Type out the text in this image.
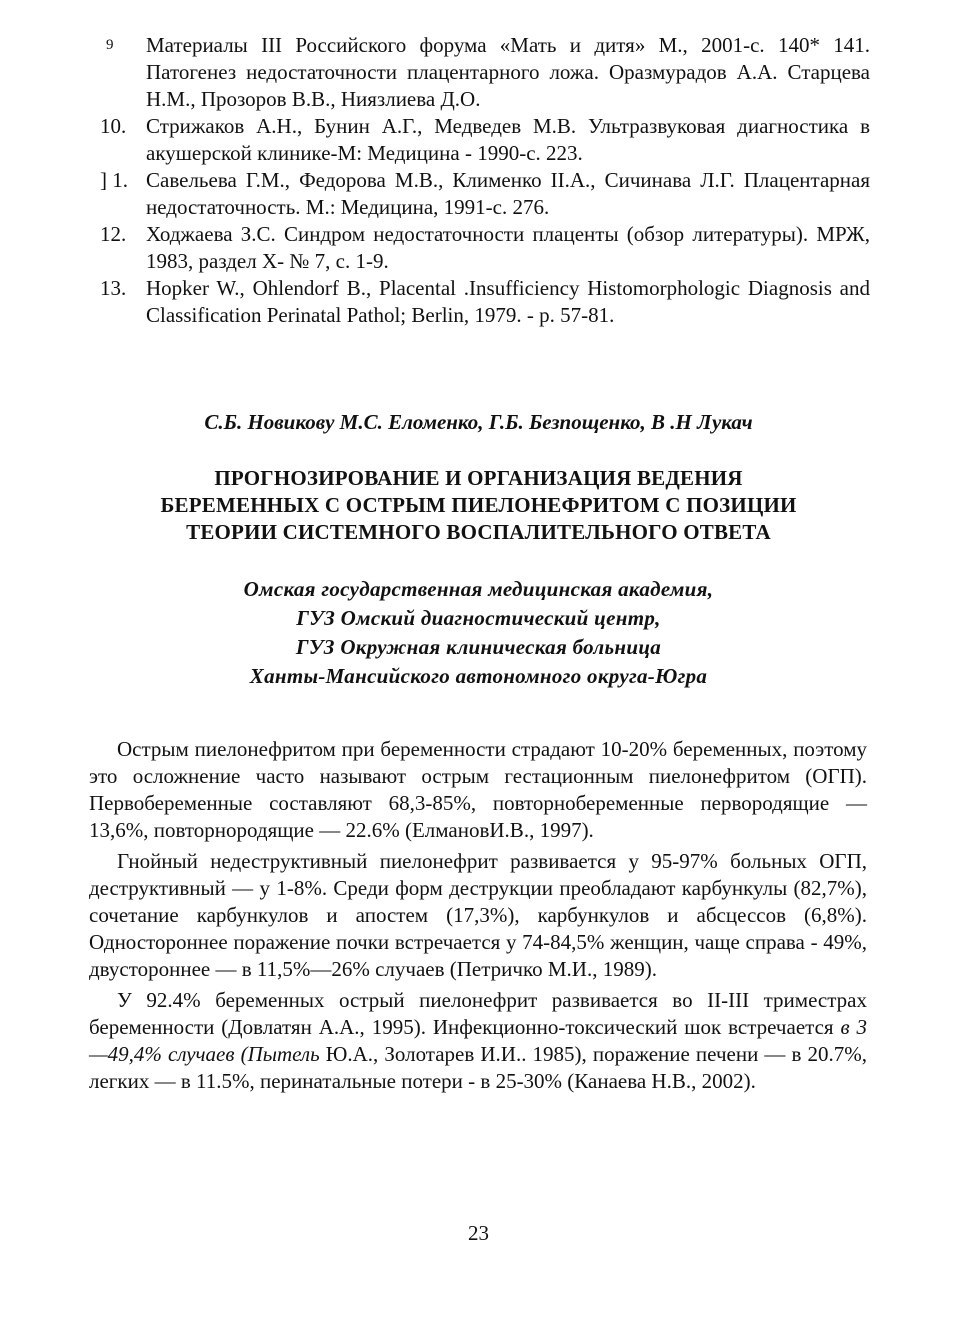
9	Материалы III Российского форума «Мать и дитя» М., 2001-с. 140* 141. Патогенез недостаточности плацентарного ложа. Оразмурадов А.А. Старцева Н.М., Прозоров В.В., Ниязлиева Д.О.
10. Стрижаков А.Н., Бунин А.Г., Медведев М.В. Ультразвуковая диагностика в акушерской клинике-М: Медицина - 1990-с. 223.
] 1. Савельева Г.М., Федорова М.В., Клименко II.А., Сичинава Л.Г. Плацентарная недостаточность. М.: Медицина, 1991-с. 276.
12. Ходжаева З.С. Синдром недостаточности плаценты (обзор литературы). МРЖ, 1983, раздел X- № 7, с. 1-9.
13. Hopker W., Ohlendorf B., Placental .Insufficiency Histomorphologic Diagnosis and Classification Perinatal Pathol; Berlin, 1979. - p. 57-81.
С.Б. Новикову М.С. Еломенко, Г.Б. Безпощенко, В .Н Лукач
ПРОГНОЗИРОВАНИЕ И ОРГАНИЗАЦИЯ ВЕДЕНИЯ
БЕРЕМЕННЫХ С ОСТРЫМ ПИЕЛОНЕФРИТОМ С ПОЗИЦИИ
ТЕОРИИ СИСТЕМНОГО ВОСПАЛИТЕЛЬНОГО ОТВЕТА
Омская государственная медицинская академия,
ГУЗ Омский диагностический центр,
ГУЗ Окружная клиническая больница
Ханты-Мансийского автономного округа-Югра

Острым пиелонефритом при беременности страдают 10-20% беременных, поэтому это осложнение часто называют острым гестационным пиелонефритом (ОГП). Первобеременные составляют 68,3-85%, повторнобеременные первородящие — 13,6%, повторнородящие — 22.6% (ЕлмановИ.В., 1997).

Гнойный недеструктивный пиелонефрит развивается у 95-97% больных ОГП, деструктивный — у 1-8%. Среди форм деструкции преобладают карбункулы (82,7%), сочетание карбункулов и апостем (17,3%), карбункулов и абсцессов (6,8%). Одностороннее поражение почки встречается у 74-84,5% женщин, чаще справа - 49%, двустороннее — в 11,5%—26% случаев (Петричко М.И., 1989).

У 92.4% беременных острый пиелонефрит развивается во II-III триместрах беременности (Довлатян А.А., 1995). Инфекционно-токсический шок встречается в 3—49,4% случаев (Пытель Ю.А., Золотарев И.И.. 1985), поражение печени — в 20.7%, легких — в 11.5%, перинатальные потери - в 25-30% (Канаева Н.В., 2002).

23
